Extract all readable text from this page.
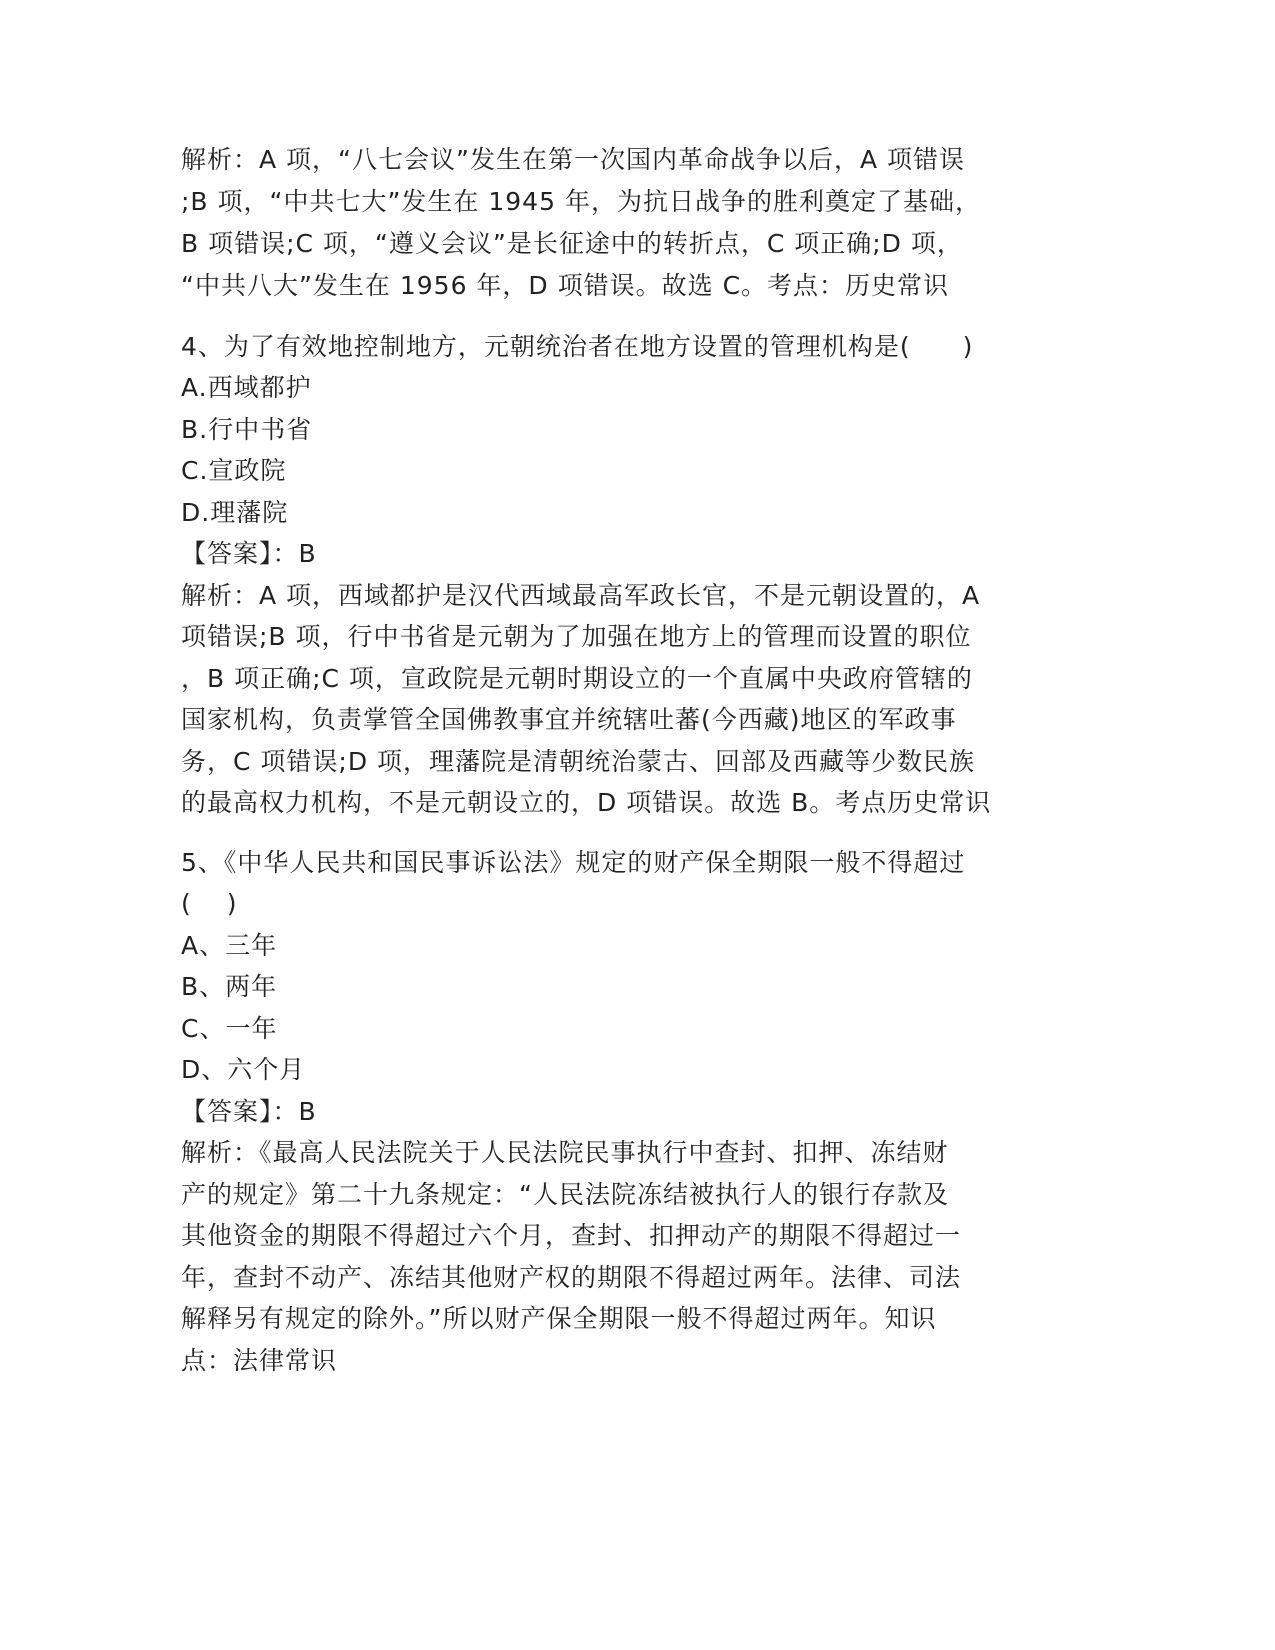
解析：A 项，“八七会议”发生在第一次国内革命战争以后，A 项错误
;B 项，“中共七大”发生在 1945 年，为抗日战争的胜利奠定了基础，
B 项错误;C 项，“遵义会议”是长征途中的转折点，C 项正确;D 项，
“中共八大”发生在 1956 年，D 项错误。故选 C。考点：历史常识
4、为了有效地控制地方，元朝统治者在地方设置的管理机构是(　　)
A.西域都护
B.行中书省
C.宣政院
D.理藩院
【答案】：B
解析：A 项，西域都护是汉代西域最高军政长官，不是元朝设置的，A
项错误;B 项，行中书省是元朝为了加强在地方上的管理而设置的职位
，B 项正确;C 项，宣政院是元朝时期设立的一个直属中央政府管辖的
国家机构，负责掌管全国佛教事宜并统辖吐蕃(今西藏)地区的军政事
务，C 项错误;D 项，理藩院是清朝统治蒙古、回部及西藏等少数民族
的最高权力机构，不是元朝设立的，D 项错误。故选 B。考点历史常识
5、《中华人民共和国民事诉讼法》规定的财产保全期限一般不得超过
(　 )
A、三年
B、两年
C、一年
D、六个月
【答案】：B
解析：《最高人民法院关于人民法院民事执行中查封、扣押、冻结财
产的规定》第二十九条规定：“人民法院冻结被执行人的银行存款及
其他资金的期限不得超过六个月，查封、扣押动产的期限不得超过一
年，查封不动产、冻结其他财产权的期限不得超过两年。法律、司法
解释另有规定的除外。”所以财产保全期限一般不得超过两年。知识
点：法律常识
